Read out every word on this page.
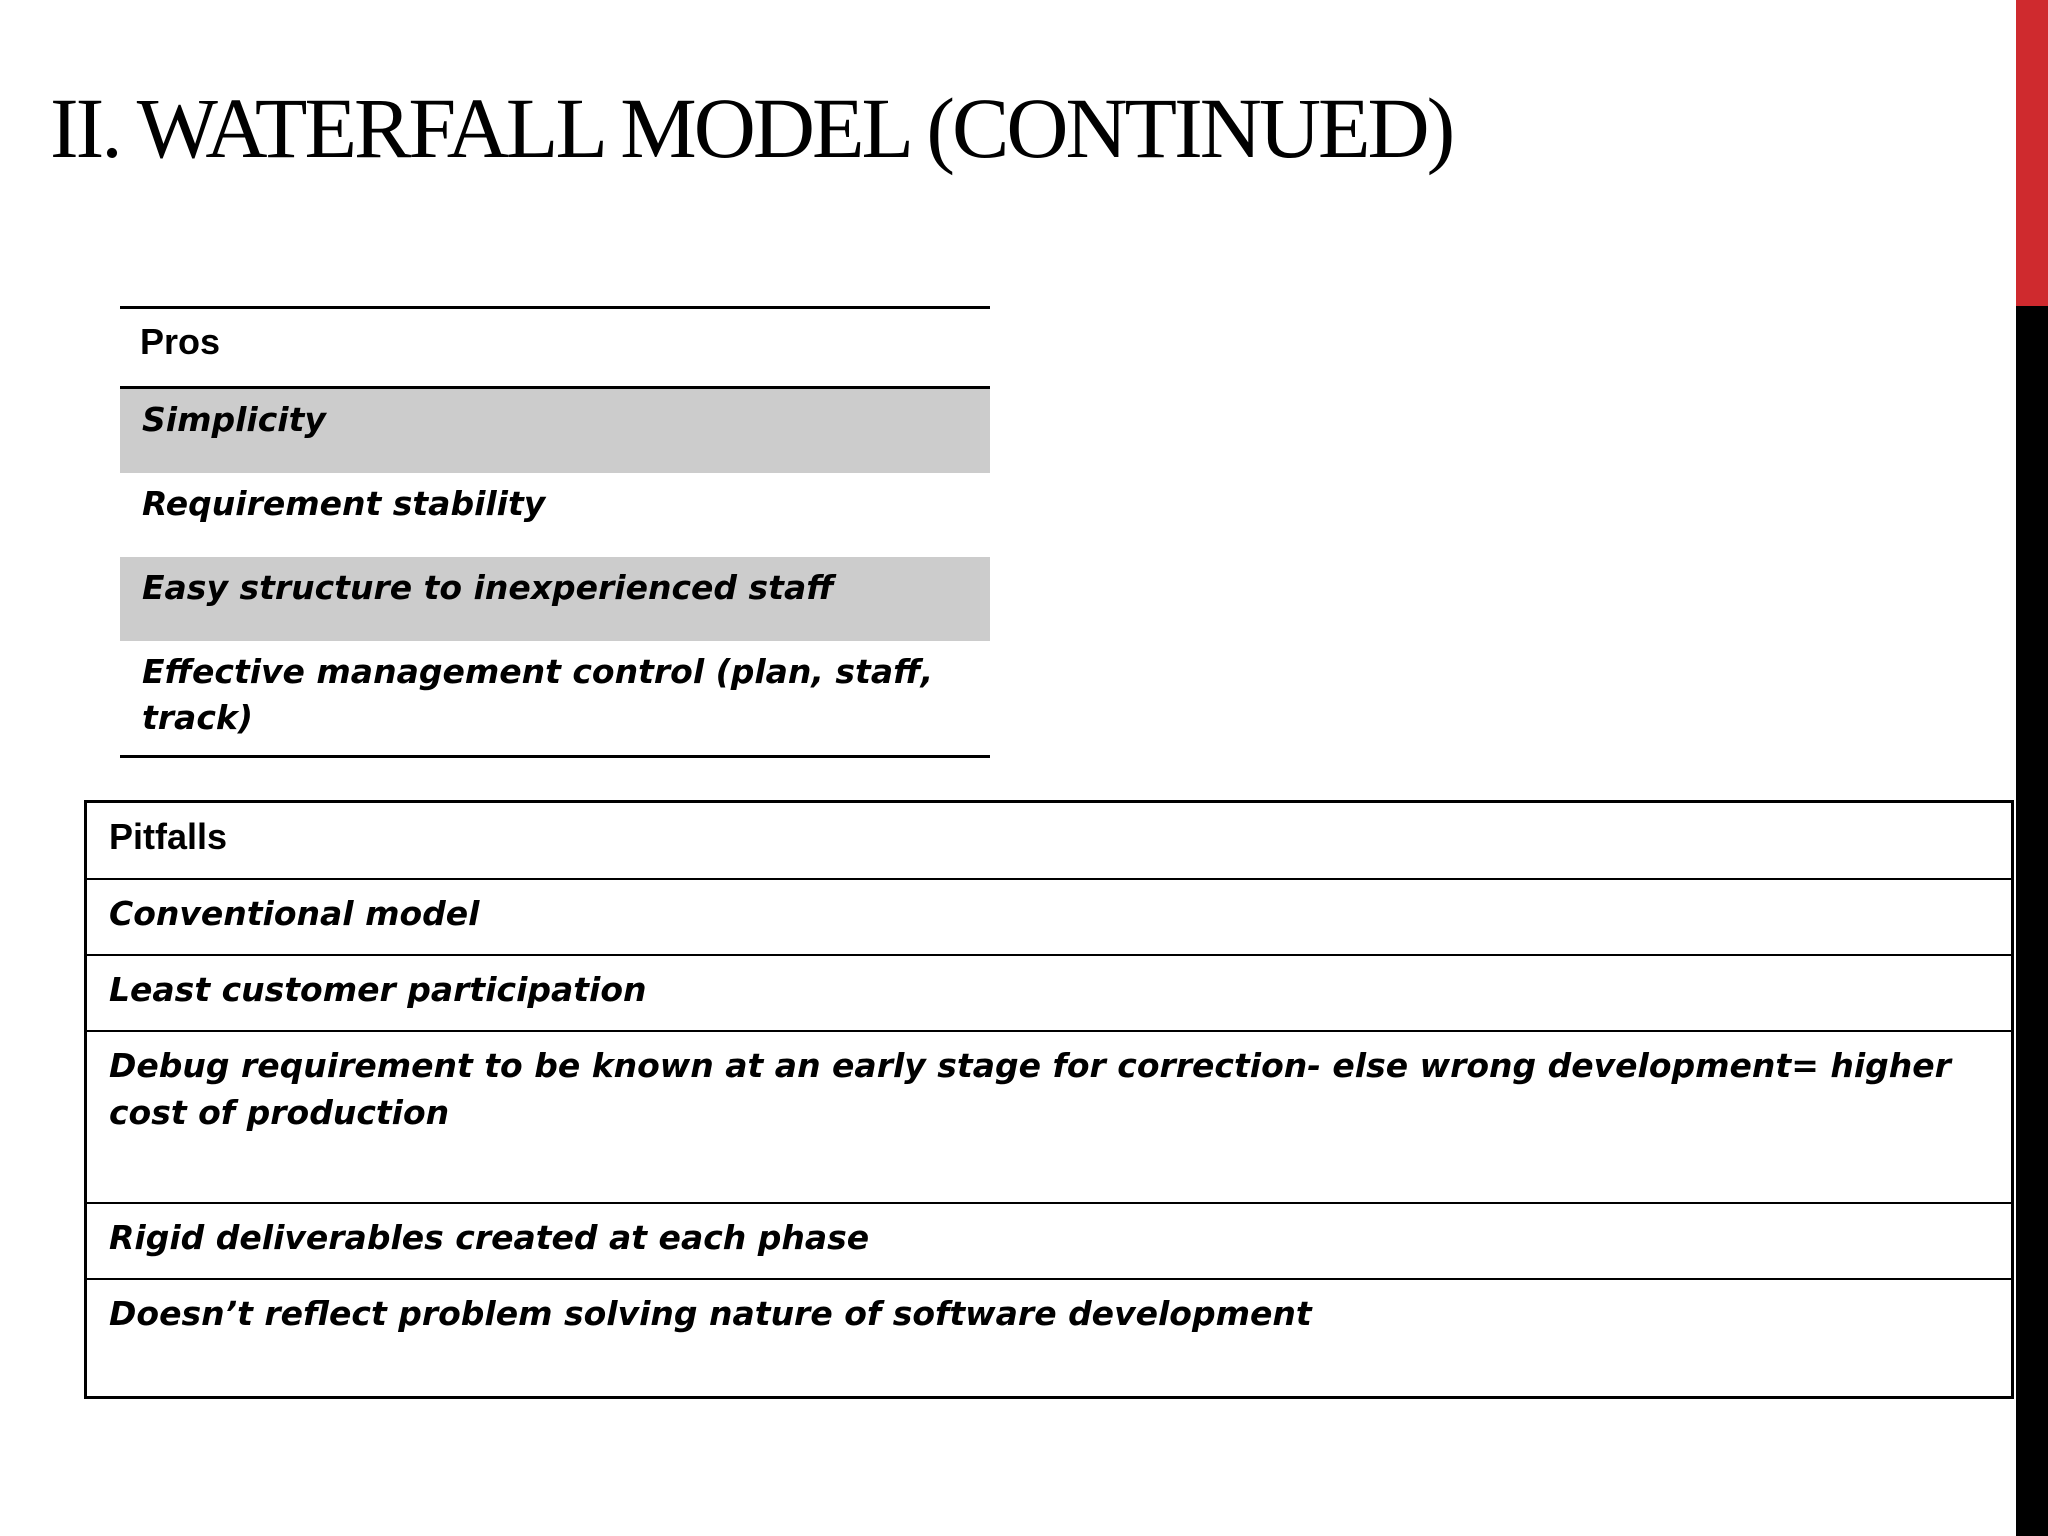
II. WATERFALL MODEL (CONTINUED)
Pros
Simplicity
Requirement stability
Easy structure to inexperienced staff
Effective management control (plan, staff, track)
Pitfalls
Conventional model
Least customer participation
Debug requirement to be known at an early stage for correction- else wrong development= higher cost of production
Rigid deliverables created at each phase
Doesn’t reflect problem solving nature of software development
